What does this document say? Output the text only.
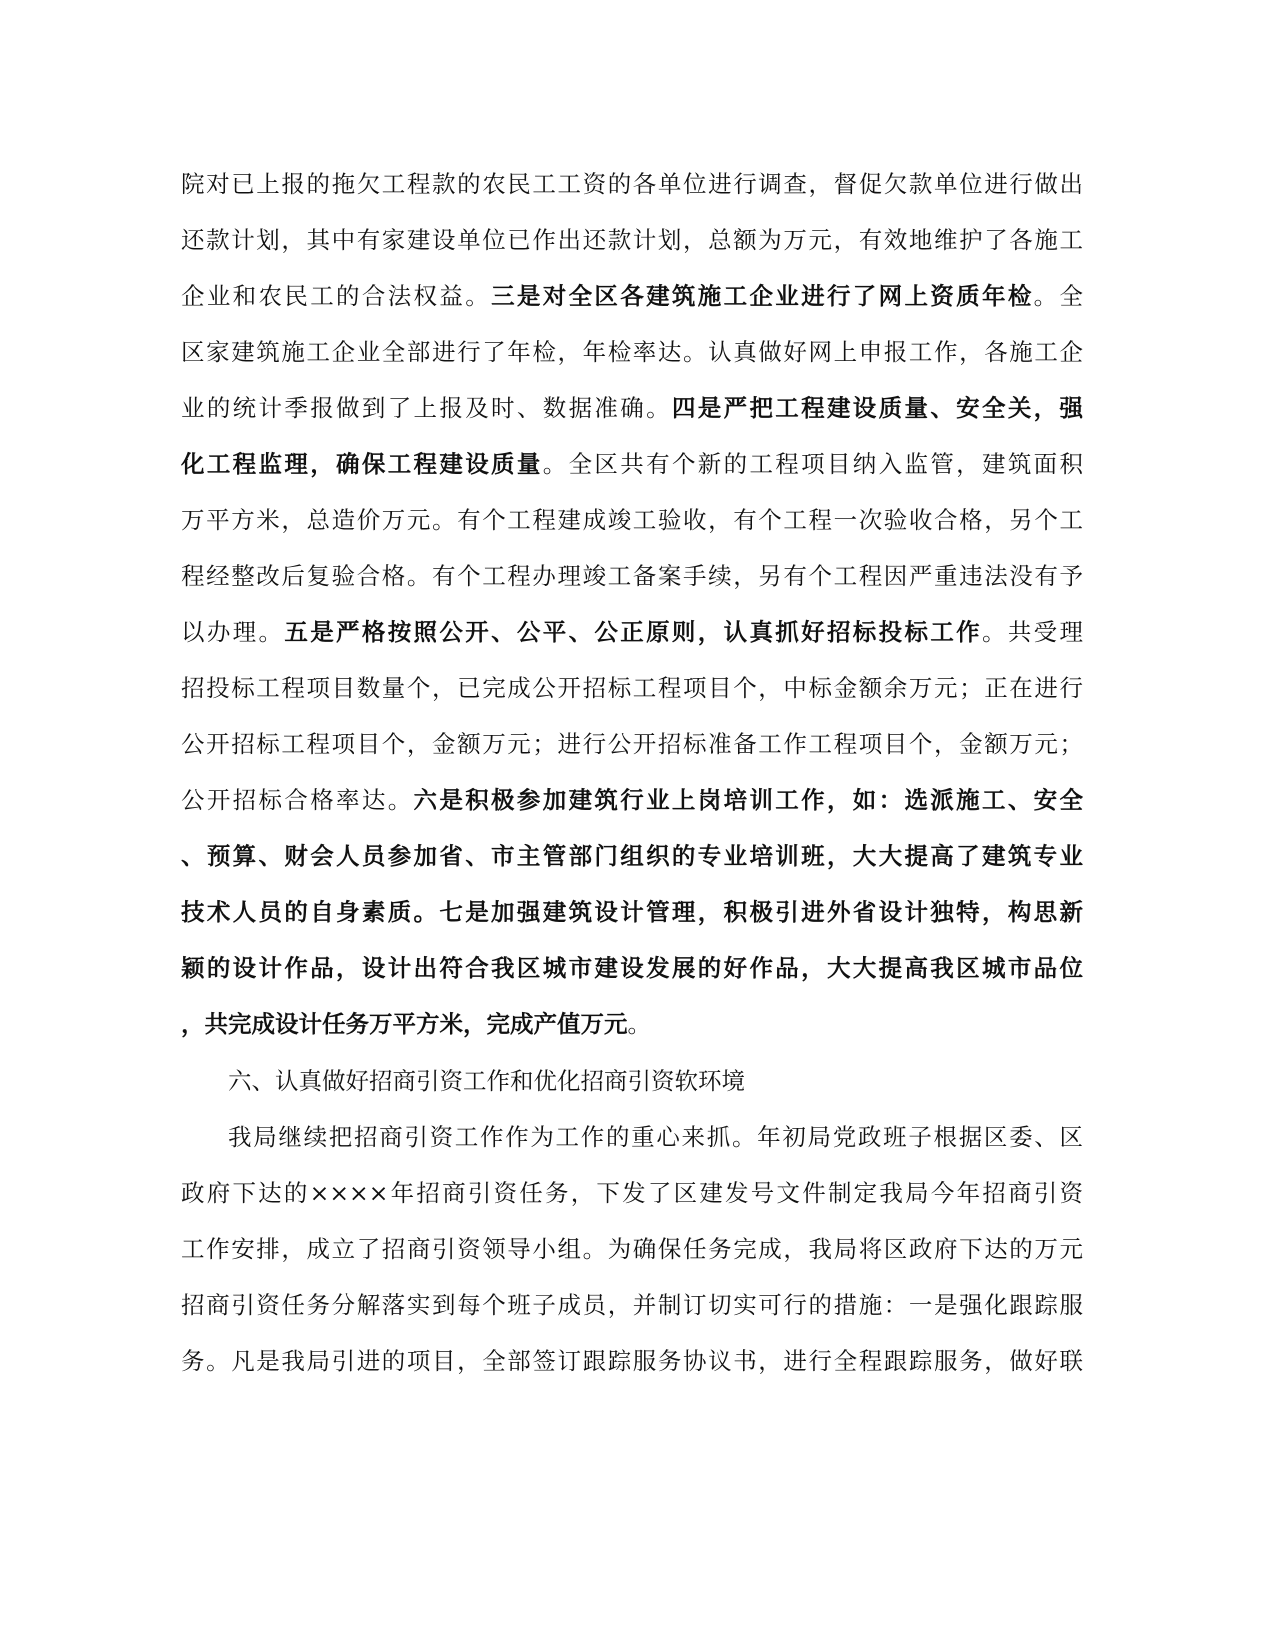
院对已上报的拖欠工程款的农民工工资的各单位进行调查，督促欠款单位进行做出
还款计划，其中有家建设单位已作出还款计划，总额为万元，有效地维护了各施工
企业和农民工的合法权益。三是对全区各建筑施工企业进行了网上资质年检。全
区家建筑施工企业全部进行了年检，年检率达。认真做好网上申报工作，各施工企
业的统计季报做到了上报及时、数据准确。四是严把工程建设质量、安全关，强
化工程监理，确保工程建设质量。全区共有个新的工程项目纳入监管，建筑面积
万平方米，总造价万元。有个工程建成竣工验收，有个工程一次验收合格，另个工
程经整改后复验合格。有个工程办理竣工备案手续，另有个工程因严重违法没有予
以办理。五是严格按照公开、公平、公正原则，认真抓好招标投标工作。共受理
招投标工程项目数量个，已完成公开招标工程项目个，中标金额余万元；正在进行
公开招标工程项目个，金额万元；进行公开招标准备工作工程项目个，金额万元；
公开招标合格率达。六是积极参加建筑行业上岗培训工作，如：选派施工、安全
、预算、财会人员参加省、市主管部门组织的专业培训班，大大提高了建筑专业
技术人员的自身素质。七是加强建筑设计管理，积极引进外省设计独特，构思新
颖的设计作品，设计出符合我区城市建设发展的好作品，大大提高我区城市品位
，共完成设计任务万平方米，完成产值万元。
六、认真做好招商引资工作和优化招商引资软环境
我局继续把招商引资工作作为工作的重心来抓。年初局党政班子根据区委、区
政府下达的××××年招商引资任务，下发了区建发号文件制定我局今年招商引资
工作安排，成立了招商引资领导小组。为确保任务完成，我局将区政府下达的万元
招商引资任务分解落实到每个班子成员，并制订切实可行的措施：一是强化跟踪服
务。凡是我局引进的项目，全部签订跟踪服务协议书，进行全程跟踪服务，做好联
